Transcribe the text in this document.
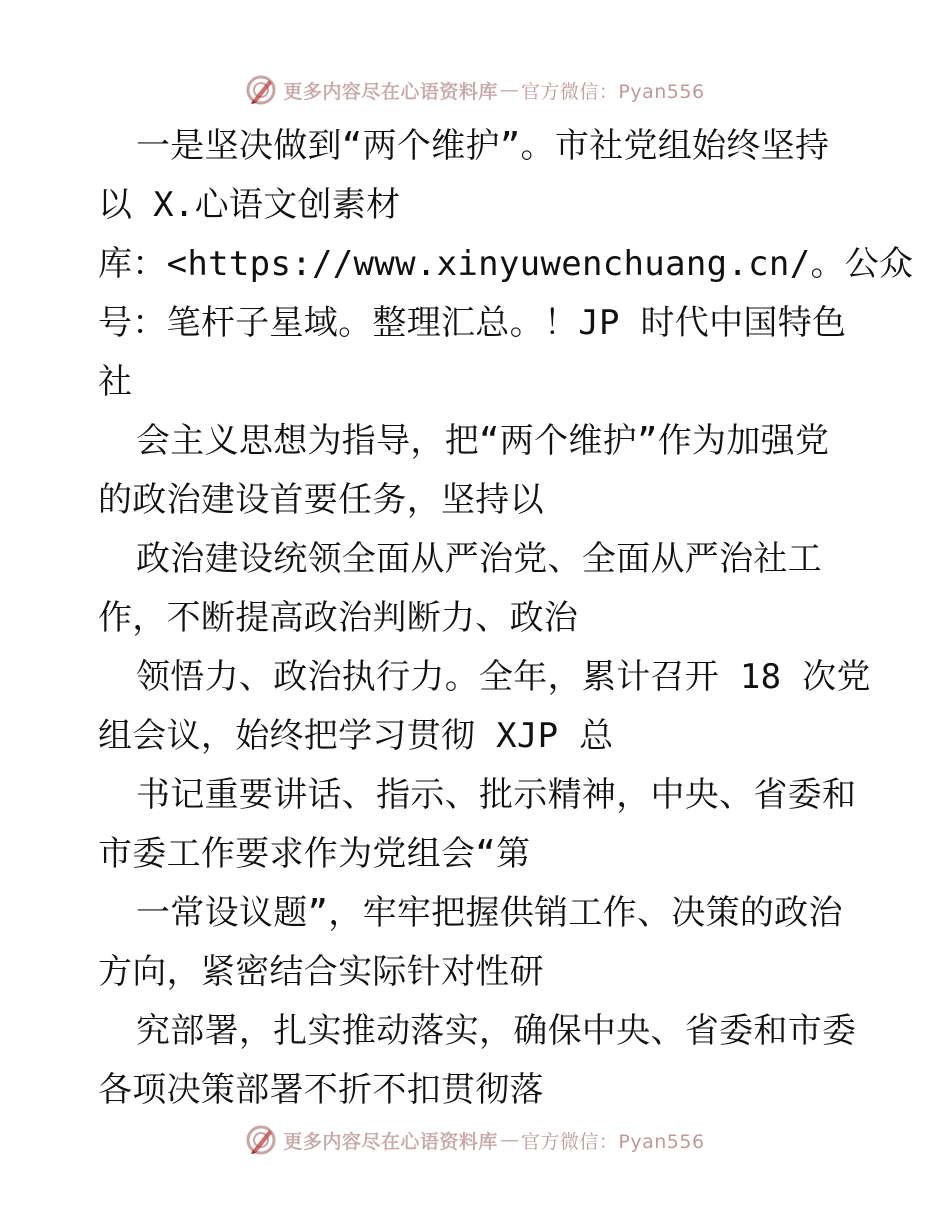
更多内容尽在心语资料库 — 官方微信：Pyan556
一是坚决做到“两个维护”。市社党组始终坚持
以 X.心语文创素材
库：<https://www.xinyuwenchuang.cn/。公众
号：笔杆子星域。整理汇总。！JP 时代中国特色
社
会主义思想为指导，把“两个维护”作为加强党
的政治建设首要任务，坚持以
政治建设统领全面从严治党、全面从严治社工
作，不断提高政治判断力、政治
领悟力、政治执行力。全年，累计召开 18 次党
组会议，始终把学习贯彻 XJP 总
书记重要讲话、指示、批示精神，中央、省委和
市委工作要求作为党组会“第
一常设议题”，牢牢把握供销工作、决策的政治
方向，紧密结合实际针对性研
究部署，扎实推动落实，确保中央、省委和市委
各项决策部署不折不扣贯彻落
更多内容尽在心语资料库 — 官方微信：Pyan556
